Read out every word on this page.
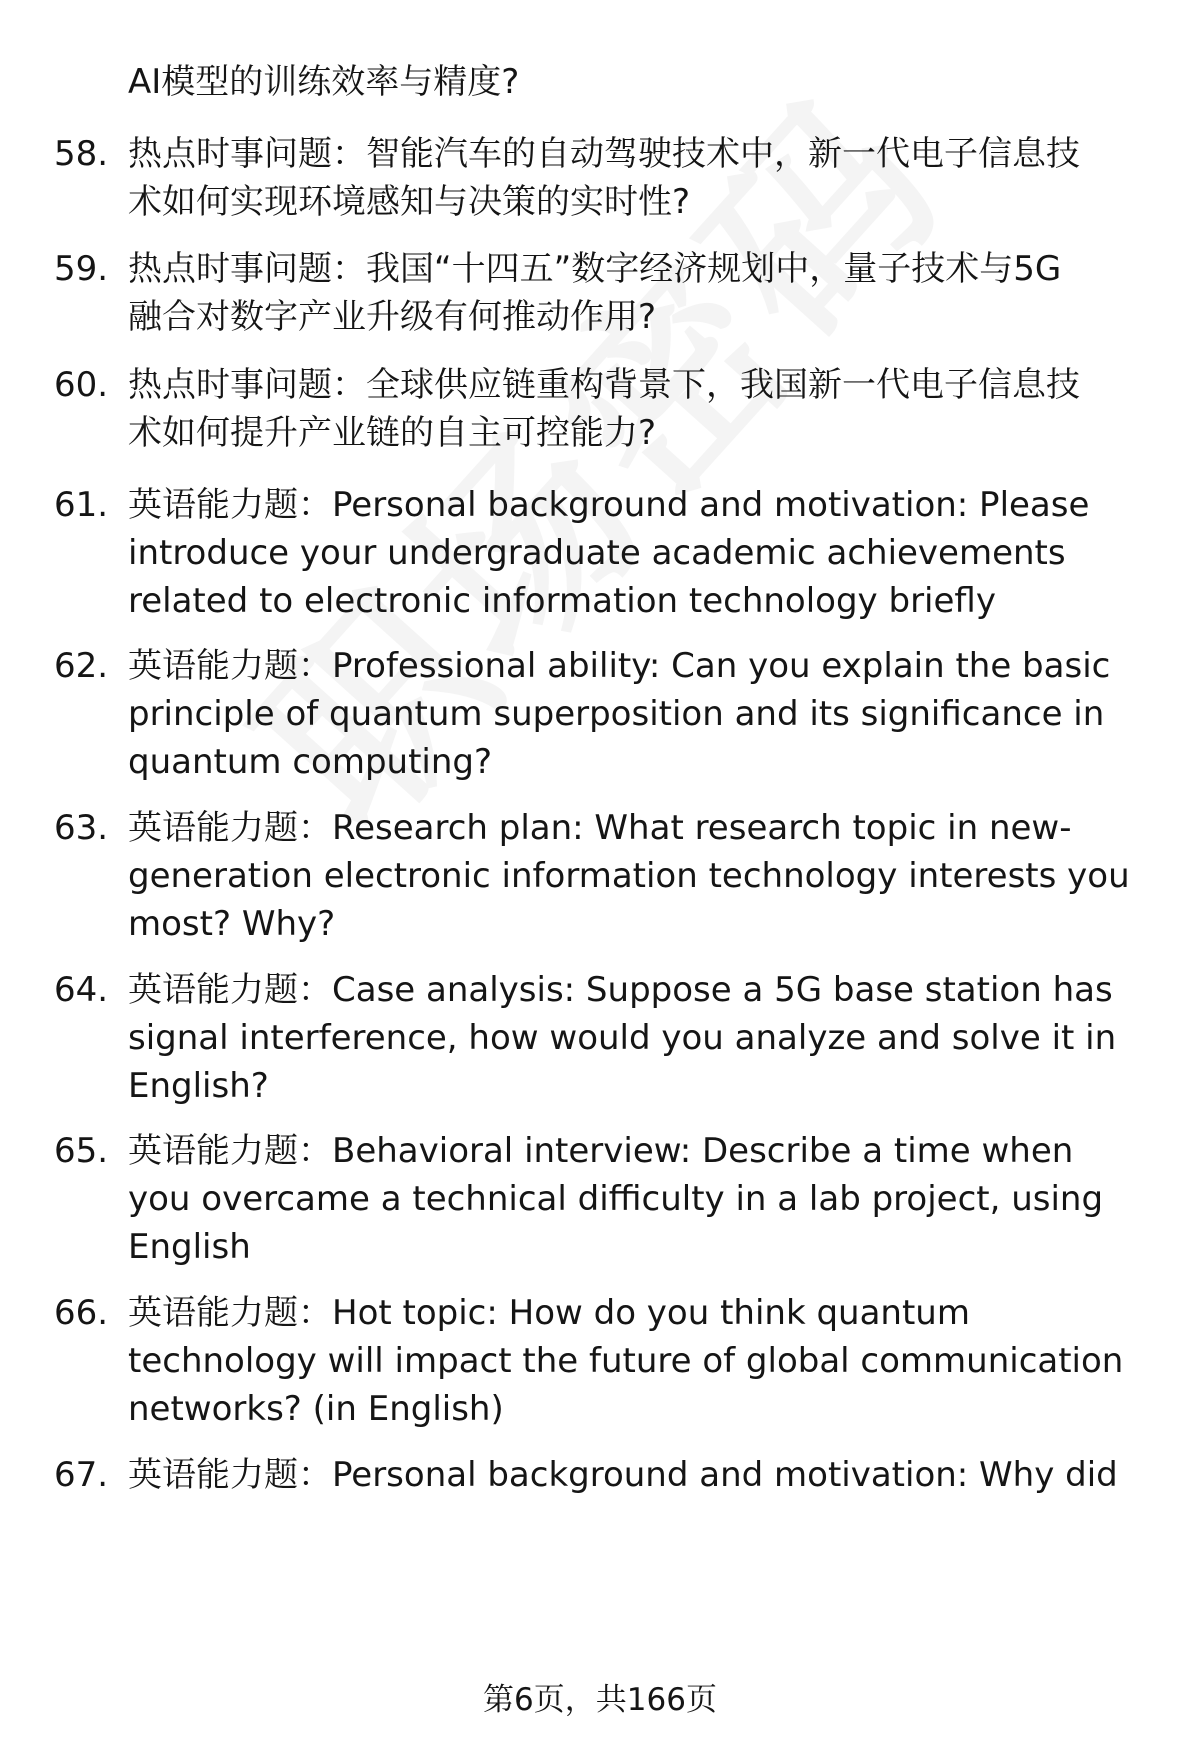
AI模型的训练效率与精度?
58. 热点时事问题：智能汽车的自动驾驶技术中，新一代电子信息技
术如何实现环境感知与决策的实时性?

59. 热点时事问题：我国“十四五”数字经济规划中，量子技术与5G
融合对数字产业升级有何推动作用?

60. 热点时事问题：全球供应链重构背景下，我国新一代电子信息技
术如何提升产业链的自主可控能力?

61. 英语能力题：Personal background and motivation: Please
introduce your undergraduate academic achievements
related to electronic information technology briefly

62. 英语能力题：Professional ability: Can you explain the basic
principle of quantum superposition and its significance in
quantum computing?

63. 英语能力题：Research plan: What research topic in new-
generation electronic information technology interests you
most? Why?

64. 英语能力题：Case analysis: Suppose a 5G base station has
signal interference, how would you analyze and solve it in
English?

65. 英语能力题：Behavioral interview: Describe a time when
you overcame a technical difficulty in a lab project, using
English

66. 英语能力题：Hot topic: How do you think quantum
technology will impact the future of global communication
networks? (in English)

67. 英语能力题：Personal background and motivation: Why did

第6页，共166页
